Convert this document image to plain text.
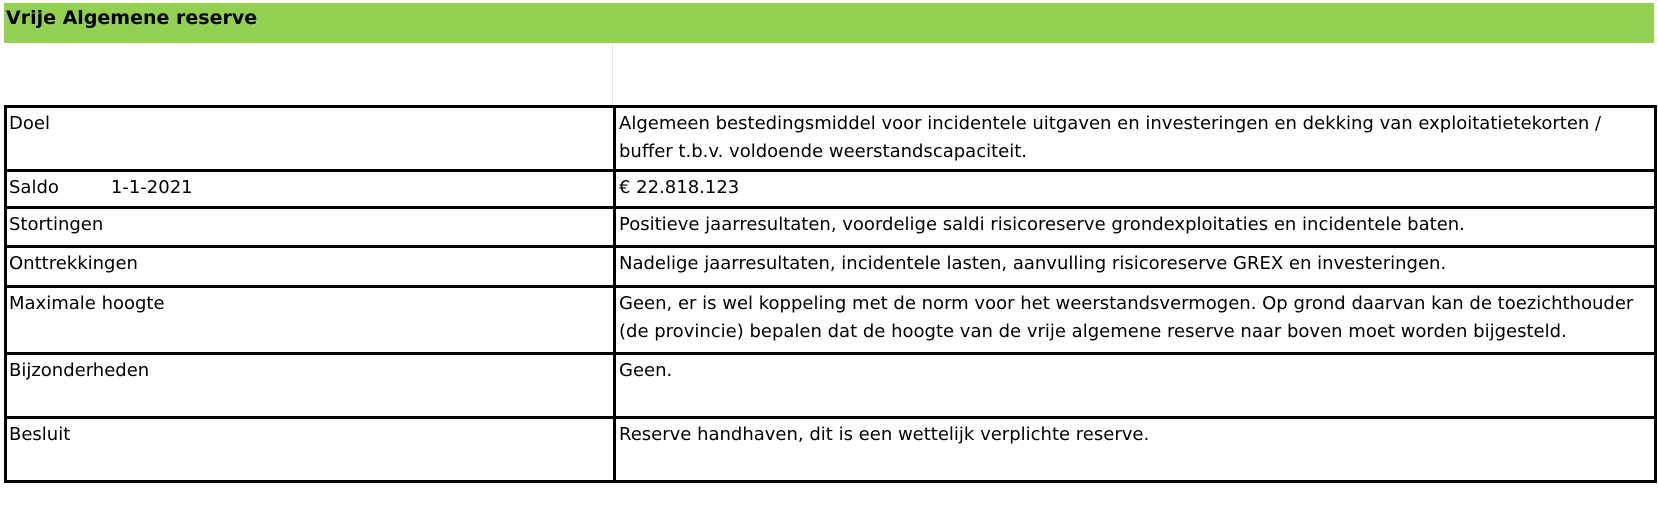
Vrije Algemene reserve
Doel	Algemeen bestedingsmiddel voor incidentele uitgaven en investeringen en dekking van exploitatietekorten / buffer t.b.v. voldoende weerstandscapaciteit.
Saldo 1-1-2021	€ 22.818.123
Stortingen	Positieve jaarresultaten, voordelige saldi risicoreserve grondexploitaties en incidentele baten.
Onttrekkingen	Nadelige jaarresultaten, incidentele lasten, aanvulling risicoreserve GREX en investeringen.
Maximale hoogte	Geen, er is wel koppeling met de norm voor het weerstandsvermogen. Op grond daarvan kan de toezichthouder (de provincie) bepalen dat de hoogte van de vrije algemene reserve naar boven moet worden bijgesteld.
Bijzonderheden	Geen.
Besluit	Reserve handhaven, dit is een wettelijk verplichte reserve.
